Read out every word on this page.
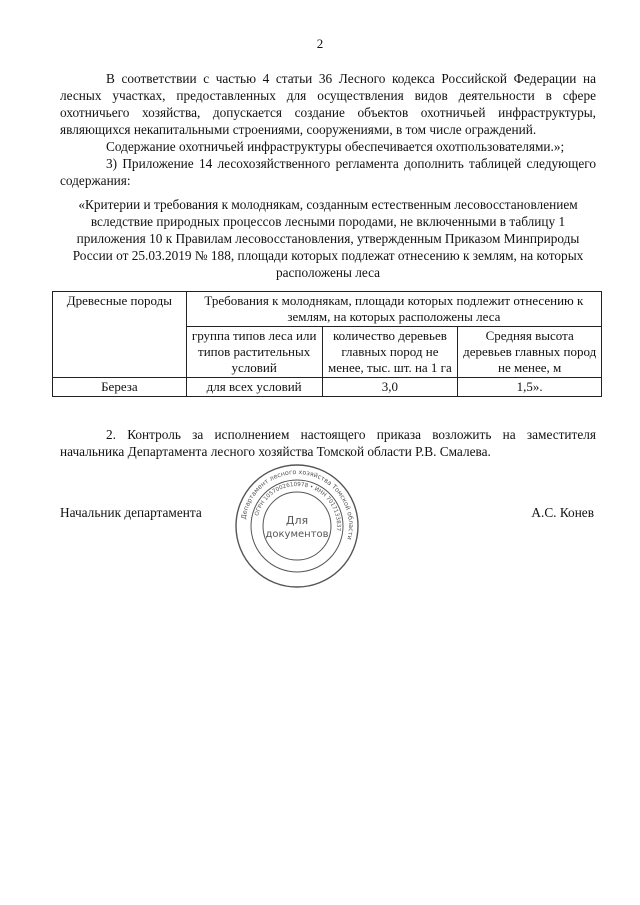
2

В соответствии с частью 4 статьи 36 Лесного кодекса Российской Федерации на лесных участках, предоставленных для осуществления видов деятельности в сфере охотничьего хозяйства, допускается создание объектов охотничьей инфраструктуры, являющихся некапитальными строениями, сооружениями, в том числе ограждений.

Содержание охотничьей инфраструктуры обеспечивается охотпользователями.»;

3) Приложение 14 лесохозяйственного регламента дополнить таблицей следующего содержания:

«Критерии и требования к молоднякам, созданным естественным лесовосстановлением вследствие природных процессов лесными породами, не включенными в таблицу 1 приложения 10 к Правилам лесовосстановления, утвержденным Приказом Минприроды России от 25.03.2019 № 188, площади которых подлежат отнесению к землям, на которых расположены леса
Древесные породы	Требования к молоднякам, площади которых подлежит отнесению к землям, на которых расположены леса		
	группа типов леса или типов растительных условий	количество деревьев главных пород не менее, тыс. шт. на 1 га	Средняя высота деревьев главных пород не менее, м
Береза	для всех условий	3,0	1,5».

2. Контроль за исполнением настоящего приказа возложить на заместителя начальника Департамента лесного хозяйства Томской области Р.В. Смалева.

Начальник департамента	А.С. Конев
Департамент лесного хозяйства Томской области
ОГРН 1057002610978 • ИНН 7017133837
Для
документов
